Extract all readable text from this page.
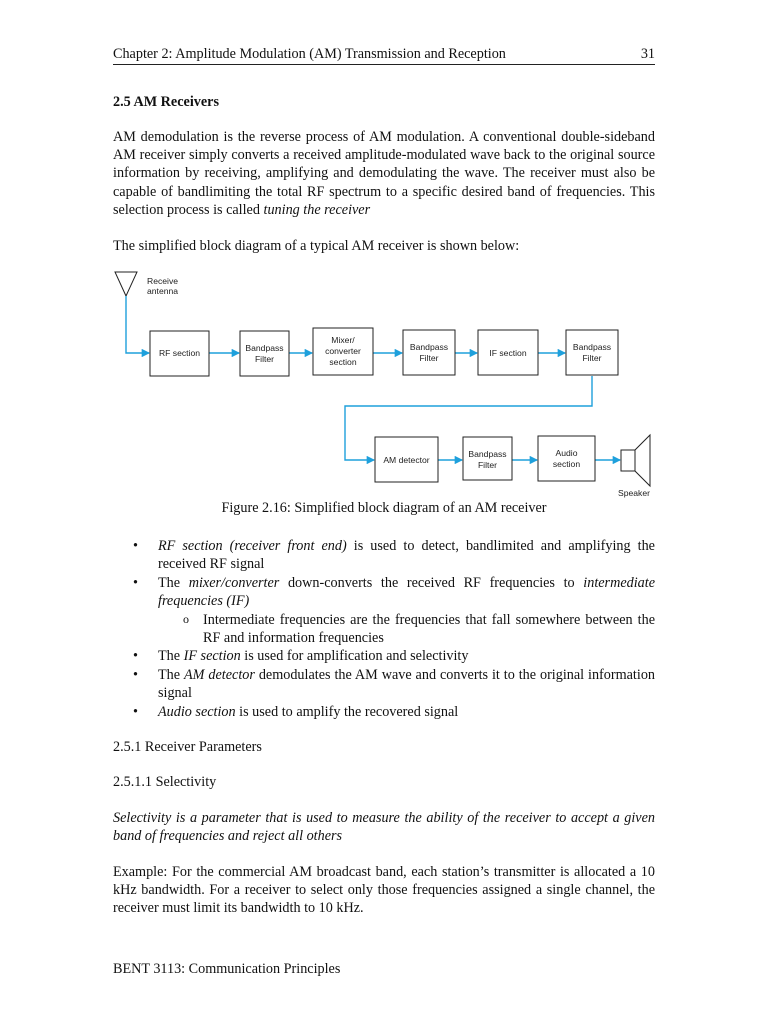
Chapter 2: Amplitude Modulation (AM) Transmission and Reception	31
2.5 AM Receivers

AM demodulation is the reverse process of AM modulation. A conventional double-sideband AM receiver simply converts a received amplitude-modulated wave back to the original source information by receiving, amplifying and demodulating the wave. The receiver must also be capable of bandlimiting the total RF spectrum to a specific desired band of frequencies. This selection process is called tuning the receiver

The simplified block diagram of a typical AM receiver is shown below:

Receive
antenna
RF section	Bandpass
Filter
Mixer/
converter
section
Bandpass
Filter	IF section
Bandpass
Filter
AM detector
Bandpass
Filter
Audio
section
Speaker
Figure 2.16: Simplified block diagram of an AM receiver
• RF section (receiver front end) is used to detect, bandlimited and amplifying the received RF signal
• The mixer/converter down-converts the received RF frequencies to intermediate frequencies (IF)
o Intermediate frequencies are the frequencies that fall somewhere between the RF and information frequencies
• The IF section is used for amplification and selectivity
• The AM detector demodulates the AM wave and converts it to the original information signal
• Audio section is used to amplify the recovered signal
2.5.1 Receiver Parameters
2.5.1.1 Selectivity

Selectivity is a parameter that is used to measure the ability of the receiver to accept a given band of frequencies and reject all others

Example: For the commercial AM broadcast band, each station’s transmitter is allocated a 10 kHz bandwidth. For a receiver to select only those frequencies assigned a single channel, the receiver must limit its bandwidth to 10 kHz.

BENT 3113: Communication Principles
